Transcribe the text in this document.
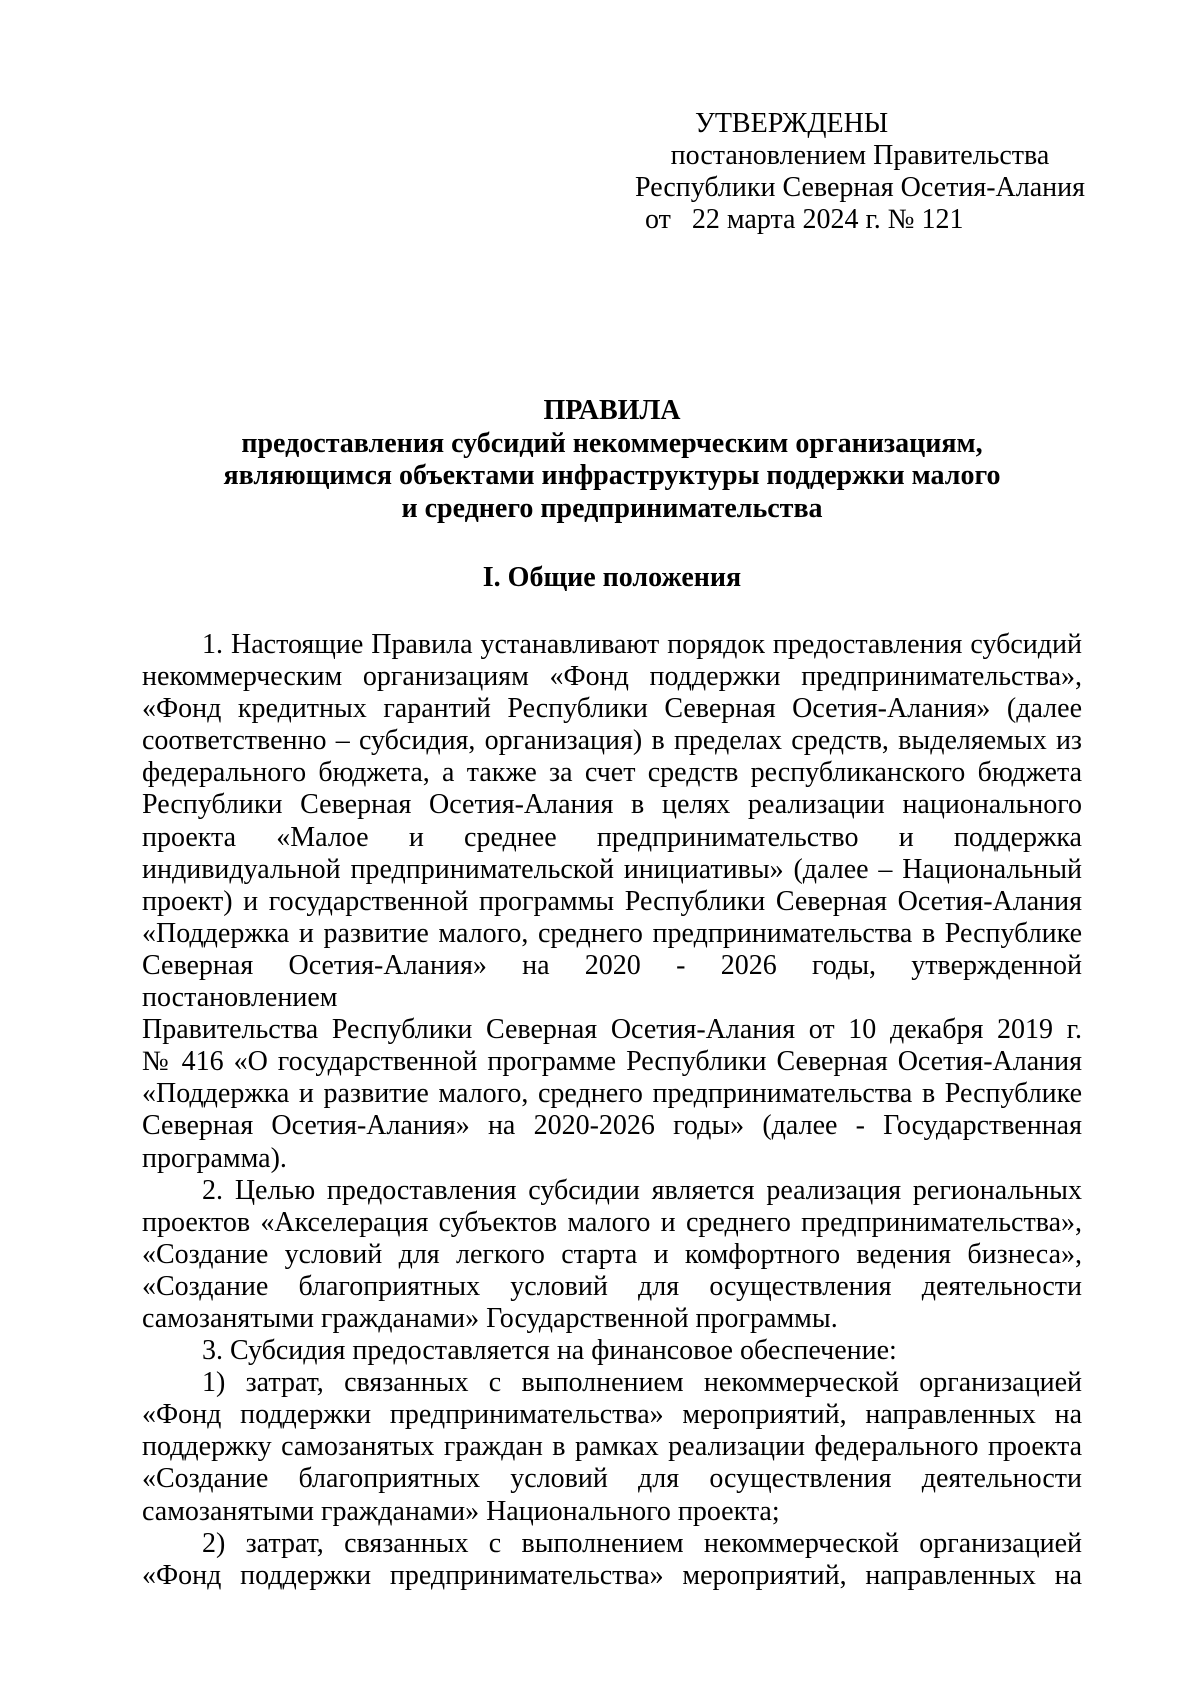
УТВЕРЖДЕНЫ
постановлением Правительства
Республики Северная Осетия-Алания
от   22 марта 2024 г. № 121
ПРАВИЛА
предоставления субсидий некоммерческим организациям,
являющимся объектами инфраструктуры поддержки малого
и среднего предпринимательства
I. Общие положения

1. Настоящие Правила устанавливают порядок предоставления субсидий

некоммерческим организациям «Фонд поддержки предпринимательства»,

«Фонд кредитных гарантий Республики Северная Осетия-Алания» (далее

соответственно – субсидия, организация) в пределах средств, выделяемых из

федерального бюджета, а также за счет средств республиканского бюджета

Республики Северная Осетия-Алания в целях реализации национального

проекта «Малое и среднее предпринимательство и поддержка

индивидуальной предпринимательской инициативы» (далее – Национальный

проект) и государственной программы Республики Северная Осетия-Алания

«Поддержка и развитие малого, среднего предпринимательства в Республике

Северная Осетия-Алания» на 2020 - 2026 годы, утвержденной постановлением

Правительства Республики Северная Осетия-Алания от 10 декабря 2019 г.

№ 416 «О государственной программе Республики Северная Осетия-Алания

«Поддержка и развитие малого, среднего предпринимательства в Республике

Северная Осетия-Алания» на 2020-2026 годы» (далее - Государственная

программа).

2. Целью предоставления субсидии является реализация региональных

проектов «Акселерация субъектов малого и среднего предпринимательства»,

«Создание условий для легкого старта и комфортного ведения бизнеса»,

«Создание благоприятных условий для осуществления деятельности

самозанятыми гражданами» Государственной программы.

3. Субсидия предоставляется на финансовое обеспечение:

1) затрат, связанных с выполнением некоммерческой организацией

«Фонд поддержки предпринимательства» мероприятий, направленных на

поддержку самозанятых граждан в рамках реализации федерального проекта

«Создание благоприятных условий для осуществления деятельности

самозанятыми гражданами» Национального проекта;

2) затрат, связанных с выполнением некоммерческой организацией

«Фонд поддержки предпринимательства» мероприятий, направленных на
